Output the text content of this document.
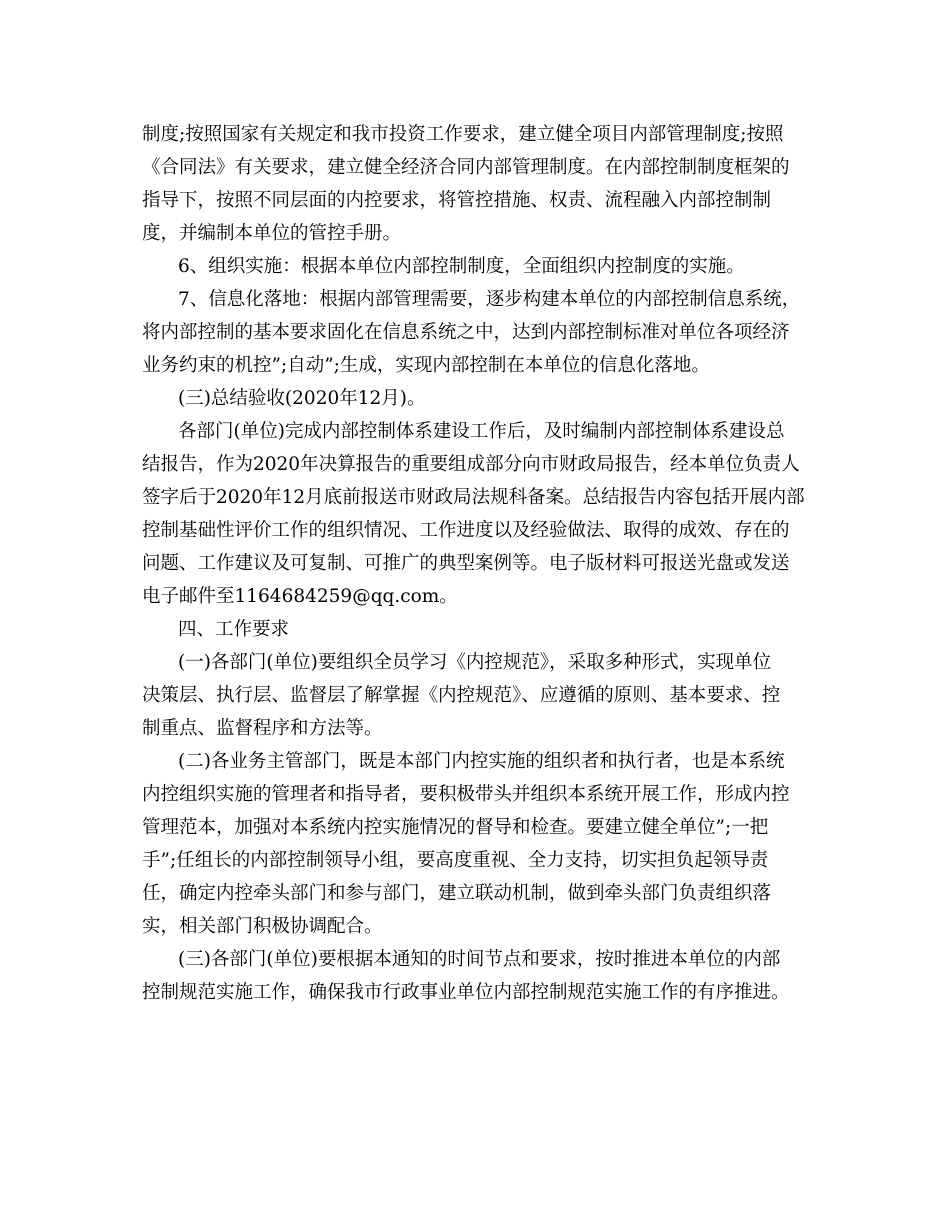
制度;按照国家有关规定和我市投资工作要求，建立健全项目内部管理制度;按照
《合同法》有关要求，建立健全经济合同内部管理制度。在内部控制制度框架的
指导下，按照不同层面的内控要求，将管控措施、权责、流程融入内部控制制
度，并编制本单位的管控手册。
6、组织实施：根据本单位内部控制制度，全面组织内控制度的实施。
7、信息化落地：根据内部管理需要，逐步构建本单位的内部控制信息系统，
将内部控制的基本要求固化在信息系统之中，达到内部控制标准对单位各项经济
业务约束的机控”;自动”;生成，实现内部控制在本单位的信息化落地。
(三)总结验收(2020年12月)。
各部门(单位)完成内部控制体系建设工作后，及时编制内部控制体系建设总
结报告，作为2020年决算报告的重要组成部分向市财政局报告，经本单位负责人
签字后于2020年12月底前报送市财政局法规科备案。总结报告内容包括开展内部
控制基础性评价工作的组织情况、工作进度以及经验做法、取得的成效、存在的
问题、工作建议及可复制、可推广的典型案例等。电子版材料可报送光盘或发送
电子邮件至1164684259@qq.com。
四、工作要求
(一)各部门(单位)要组织全员学习《内控规范》，采取多种形式，实现单位
决策层、执行层、监督层了解掌握《内控规范》、应遵循的原则、基本要求、控
制重点、监督程序和方法等。
(二)各业务主管部门，既是本部门内控实施的组织者和执行者，也是本系统
内控组织实施的管理者和指导者，要积极带头并组织本系统开展工作，形成内控
管理范本，加强对本系统内控实施情况的督导和检查。要建立健全单位”;一把
手”;任组长的内部控制领导小组，要高度重视、全力支持，切实担负起领导责
任，确定内控牵头部门和参与部门，建立联动机制，做到牵头部门负责组织落
实，相关部门积极协调配合。
(三)各部门(单位)要根据本通知的时间节点和要求，按时推进本单位的内部
控制规范实施工作，确保我市行政事业单位内部控制规范实施工作的有序推进。
